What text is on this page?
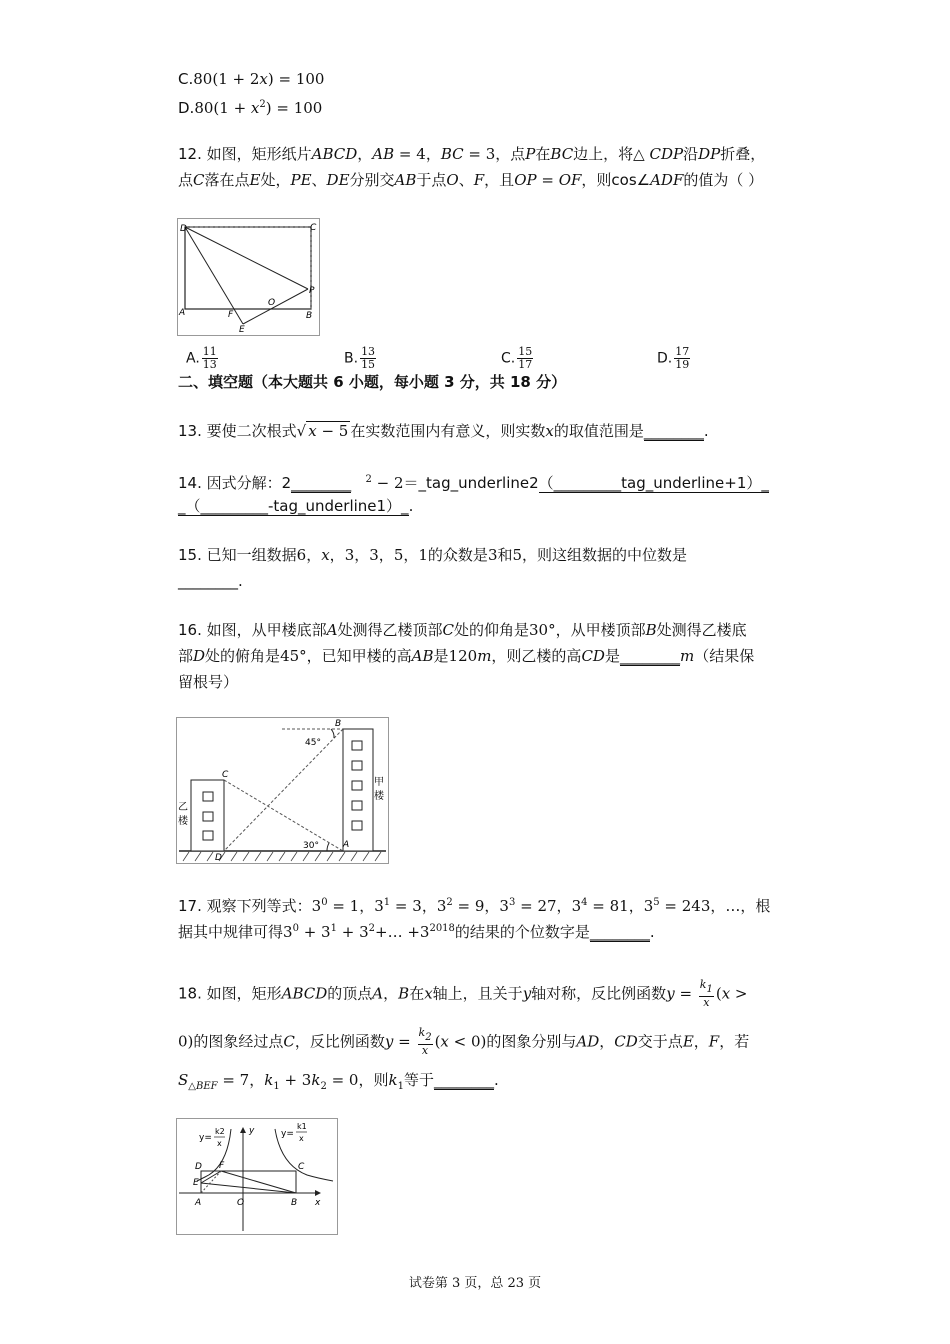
C.80(1 + 2x) = 100
$D.80(1 + x^2) = 100$
12. 如图，矩形纸片ABCD，AB = 4，BC = 3，点P在BC边上，将△ CDP沿DP折叠，
点C落在点E处，PE、DE分别交AB于点O、F，且OP = OF，则cos∠ADF的值为（ ）
D	C
P
O
A	F
E
B
A. $\frac{11}{13}$	B. $\frac{13}{15}$	C. $\frac{15}{17}$	D. $\frac{17}{19}$
二、填空题（本大题共 6 小题，每小题 3 分，共 18 分）
13. 要使二次根式√ x − 5 在实数范围内有意义，则实数x的取值范围是________.
14. 因式分解：2________ $^2$ − 2＝_tag_underline2（_________tag_underline+1）_
_（_________-tag_underline1）_.
15. 已知一组数据6，x，3，3，5，1的众数是3和5，则这组数据的中位数是
________.
16. 如图，从甲楼底部A处测得乙楼顶部C处的仰角是30°，从甲楼顶部B处测得乙楼底
部D处的俯角是45°，已知甲楼的高AB是120m，则乙楼的高CD是________m（结果保
留根号）
B
C
D
A
45°
30°
甲
楼
乙
楼
17. 观察下列等式：$3^0 = 1$，$3^1 = 3$，$3^2 = 9$，$3^3 = 27$，$3^4 = 81$，$3^5 = 243$，…，根
据其中规律可得$3^0 + 3^1$ + $3^2+\dots +3^{2018}$的结果的个位数字是________.
18. 如图，矩形ABCD的顶点A，B在x轴上，且关于y轴对称，反比例函数$y = \frac{k1}{x} (x$ >
0)的图象经过点C，反比例函数$y = \frac{k2}{x} (x < 0)$的图象分别与AD，CD交于点E，F，若
$S_{\triangle BEF} = 7$，$k_1 + 3k_2 = 0$，则$k_1$等于________.
y=
k2
x
y	y=
k1
x
D F	C
E
A	O	B x
试卷第 3 页，总 23 页
